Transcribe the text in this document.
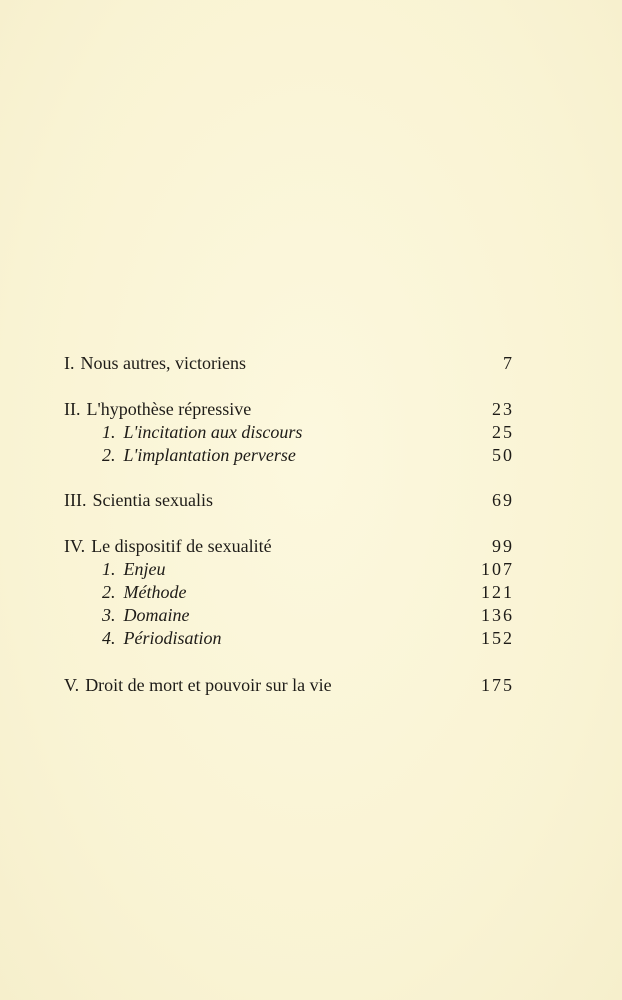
I. Nous autres, victoriens	7
II. L'hypothèse répressive	23
1. L'incitation aux discours	25
2. L'implantation perverse	50
III. Scientia sexualis	69
IV. Le dispositif de sexualité	99
1. Enjeu	107
2. Méthode	121
3. Domaine	136
4. Périodisation	152
V. Droit de mort et pouvoir sur la vie	175
